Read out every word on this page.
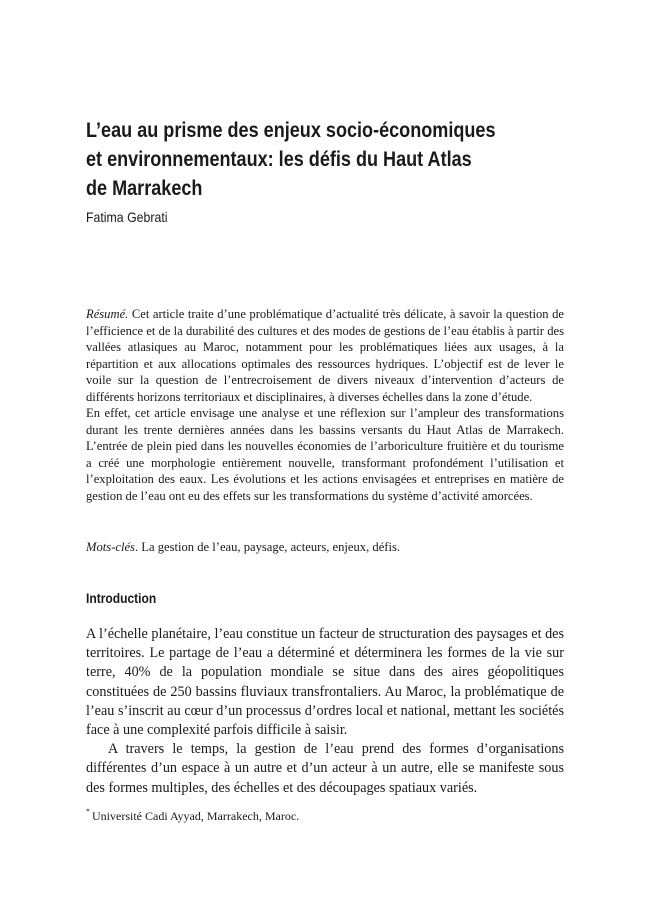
L’eau au prisme des enjeux socio-économiques
et environnementaux: les défis du Haut Atlas
de Marrakech
Fatima Gebrati

Résumé. Cet article traite d’une problématique d’actualité très délicate, à savoir la question de l’efficience et de la durabilité des cultures et des modes de gestions de l’eau établis à partir des vallées atlasiques au Maroc, notamment pour les problématiques liées aux usages, à la répartition et aux allocations optimales des ressources hydriques. L’objectif est de lever le voile sur la question de l’entrecroisement de divers niveaux d’intervention d’acteurs de différents horizons territoriaux et disciplinaires, à diverses échelles dans la zone d’étude.

En effet, cet article envisage une analyse et une réflexion sur l’ampleur des transformations durant les trente dernières années dans les bassins versants du Haut Atlas de Marrakech. L’entrée de plein pied dans les nouvelles économies de l’arboriculture fruitière et du tourisme a créé une morphologie entièrement nouvelle, transformant profondément l’utilisation et l’exploitation des eaux. Les évolutions et les actions envisagées et entreprises en matière de gestion de l’eau ont eu des effets sur les transformations du système d’activité amorcées.

Mots-clés. La gestion de l’eau, paysage, acteurs, enjeux, défis.
Introduction

A l’échelle planétaire, l’eau constitue un facteur de structuration des paysages et des territoires. Le partage de l’eau a déterminé et déterminera les formes de la vie sur terre, 40% de la population mondiale se situe dans des aires géopolitiques constituées de 250 bassins fluviaux transfrontaliers. Au Maroc, la problématique de l’eau s’inscrit au cœur d’un processus d’ordres local et national, mettant les sociétés face à une complexité parfois difficile à saisir.

A travers le temps, la gestion de l’eau prend des formes d’organisations différentes d’un espace à un autre et d’un acteur à un autre, elle se manifeste sous des formes multiples, des échelles et des découpages spatiaux variés.

* Université Cadi Ayyad, Marrakech, Maroc.
